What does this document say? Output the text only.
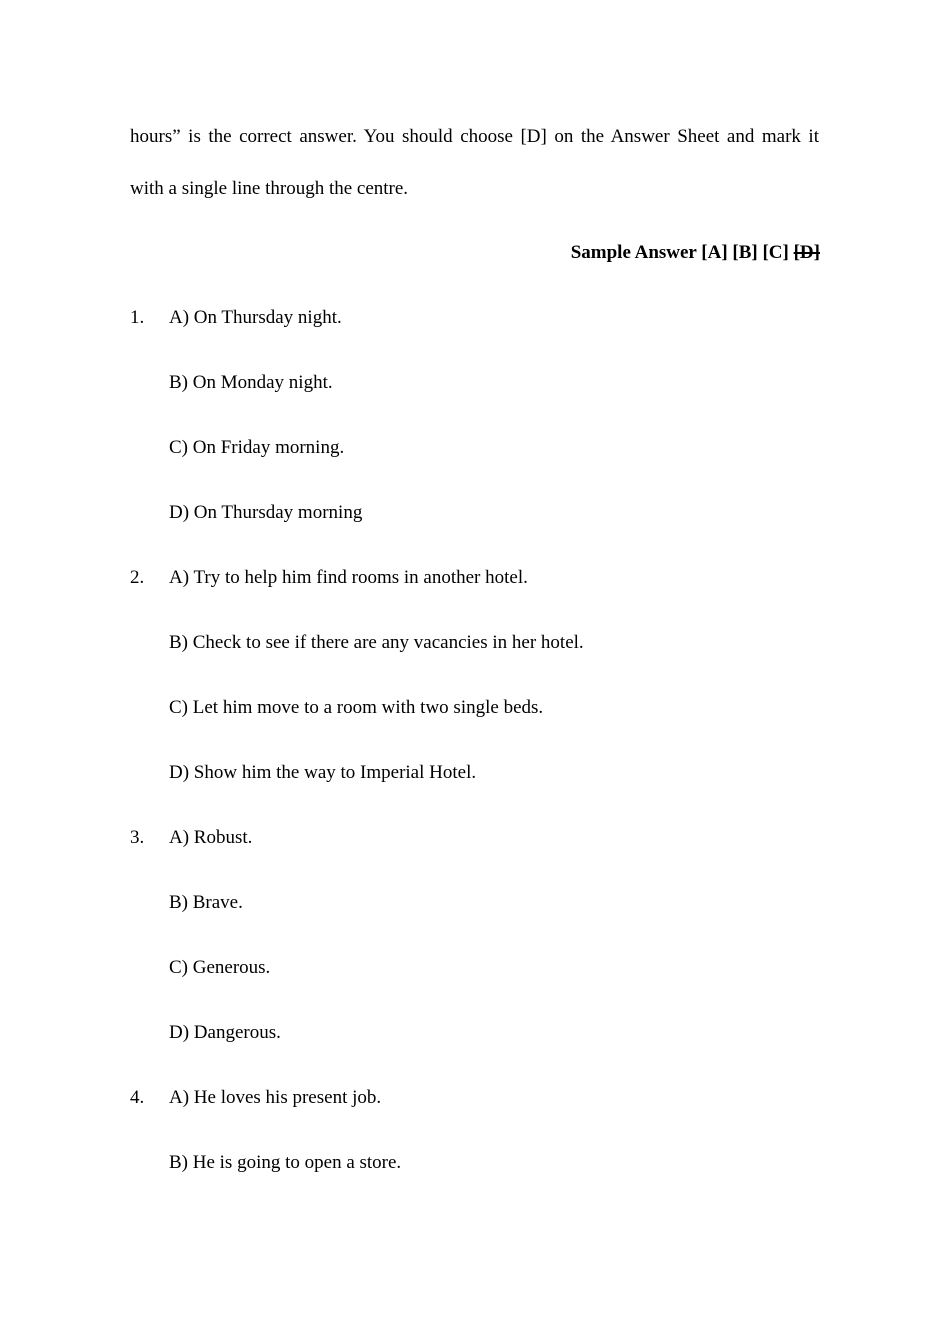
hours” is the correct answer. You should choose [D] on the Answer Sheet and mark it
with a single line through the centre.
Sample Answer [A] [B] [C] [D]
1. A) On Thursday night.
B) On Monday night.
C) On Friday morning.
D) On Thursday morning
2. A) Try to help him find rooms in another hotel.
B) Check to see if there are any vacancies in her hotel.
C) Let him move to a room with two single beds.
D) Show him the way to Imperial Hotel.
3. A) Robust.
B) Brave.
C) Generous.
D) Dangerous.
4. A) He loves his present job.
B) He is going to open a store.
